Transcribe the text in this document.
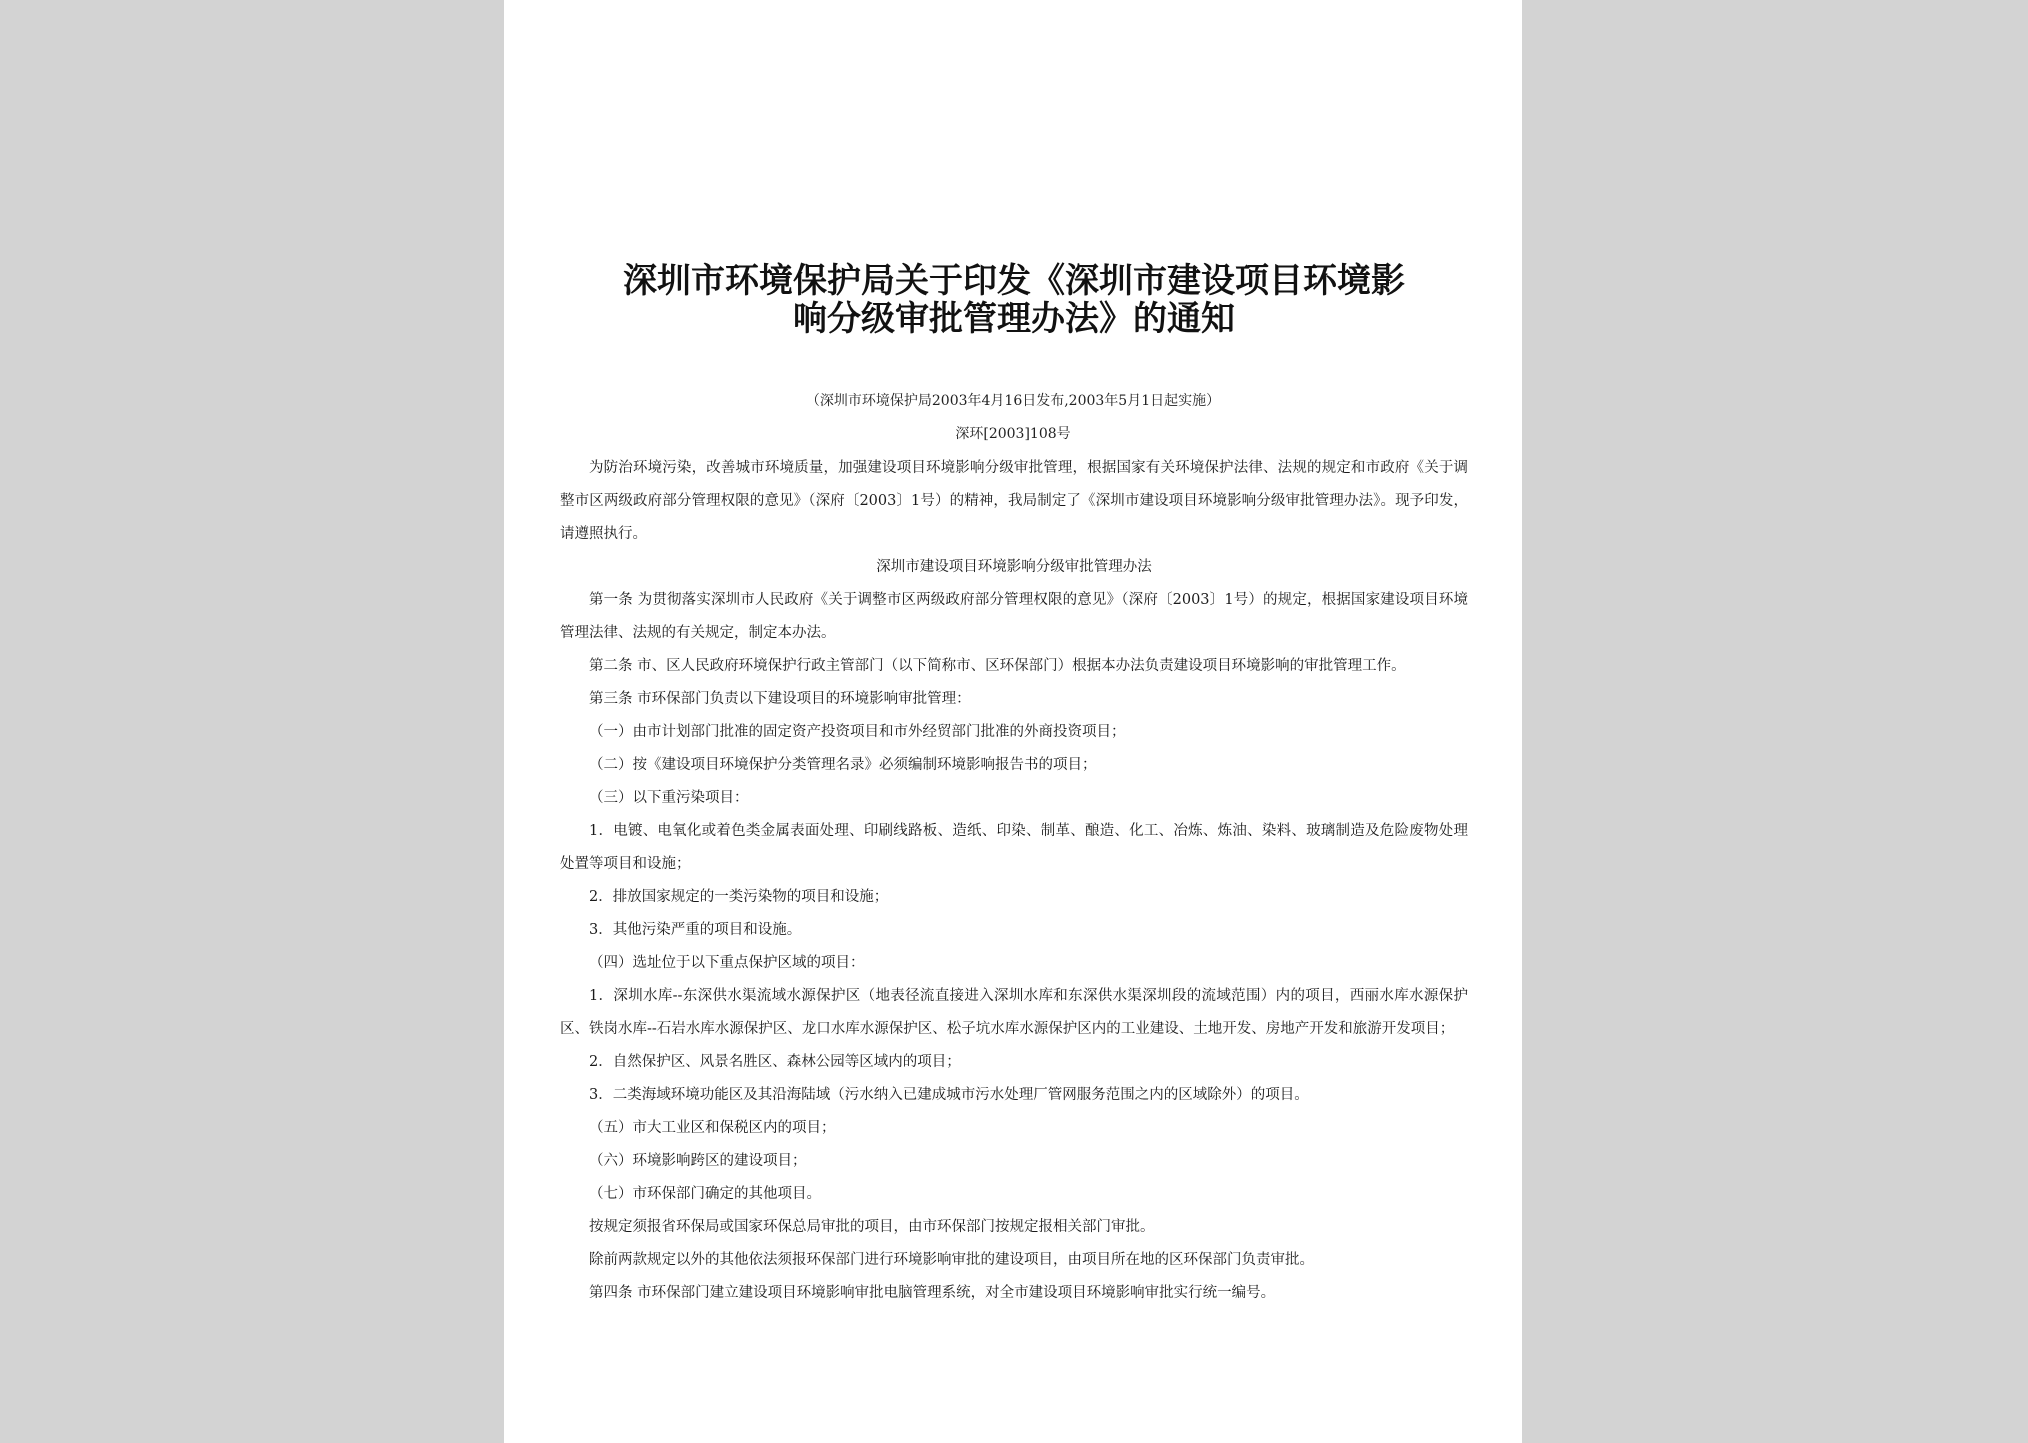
深圳市环境保护局关于印发《深圳市建设项目环境影
响分级审批管理办法》的通知
（深圳市环境保护局2003年4月16日发布,2003年5月1日起实施）
深环[2003]108号

为防治环境污染，改善城市环境质量，加强建设项目环境影响分级审批管理，根据国家有关环境保护法律、法规的规定和市政府《关于调整市区两级政府部分管理权限的意见》（深府〔2003〕1号）的精神，我局制定了《深圳市建设项目环境影响分级审批管理办法》。现予印发，请遵照执行。

深圳市建设项目环境影响分级审批管理办法

第一条 为贯彻落实深圳市人民政府《关于调整市区两级政府部分管理权限的意见》（深府〔2003〕1号）的规定，根据国家建设项目环境管理法律、法规的有关规定，制定本办法。

第二条 市、区人民政府环境保护行政主管部门（以下简称市、区环保部门）根据本办法负责建设项目环境影响的审批管理工作。

第三条 市环保部门负责以下建设项目的环境影响审批管理：

（一）由市计划部门批准的固定资产投资项目和市外经贸部门批准的外商投资项目；

（二）按《建设项目环境保护分类管理名录》必须编制环境影响报告书的项目；

（三）以下重污染项目：

1．电镀、电氧化或着色类金属表面处理、印刷线路板、造纸、印染、制革、酿造、化工、冶炼、炼油、染料、玻璃制造及危险废物处理处置等项目和设施；

2．排放国家规定的一类污染物的项目和设施；

3．其他污染严重的项目和设施。

（四）选址位于以下重点保护区域的项目：

1．深圳水库--东深供水渠流域水源保护区（地表径流直接进入深圳水库和东深供水渠深圳段的流域范围）内的项目，西丽水库水源保护区、铁岗水库--石岩水库水源保护区、龙口水库水源保护区、松子坑水库水源保护区内的工业建设、土地开发、房地产开发和旅游开发项目；

2．自然保护区、风景名胜区、森林公园等区域内的项目；

3．二类海域环境功能区及其沿海陆域（污水纳入已建成城市污水处理厂管网服务范围之内的区域除外）的项目。

（五）市大工业区和保税区内的项目；

（六）环境影响跨区的建设项目；

（七）市环保部门确定的其他项目。

按规定须报省环保局或国家环保总局审批的项目，由市环保部门按规定报相关部门审批。

除前两款规定以外的其他依法须报环保部门进行环境影响审批的建设项目，由项目所在地的区环保部门负责审批。

第四条 市环保部门建立建设项目环境影响审批电脑管理系统，对全市建设项目环境影响审批实行统一编号。
